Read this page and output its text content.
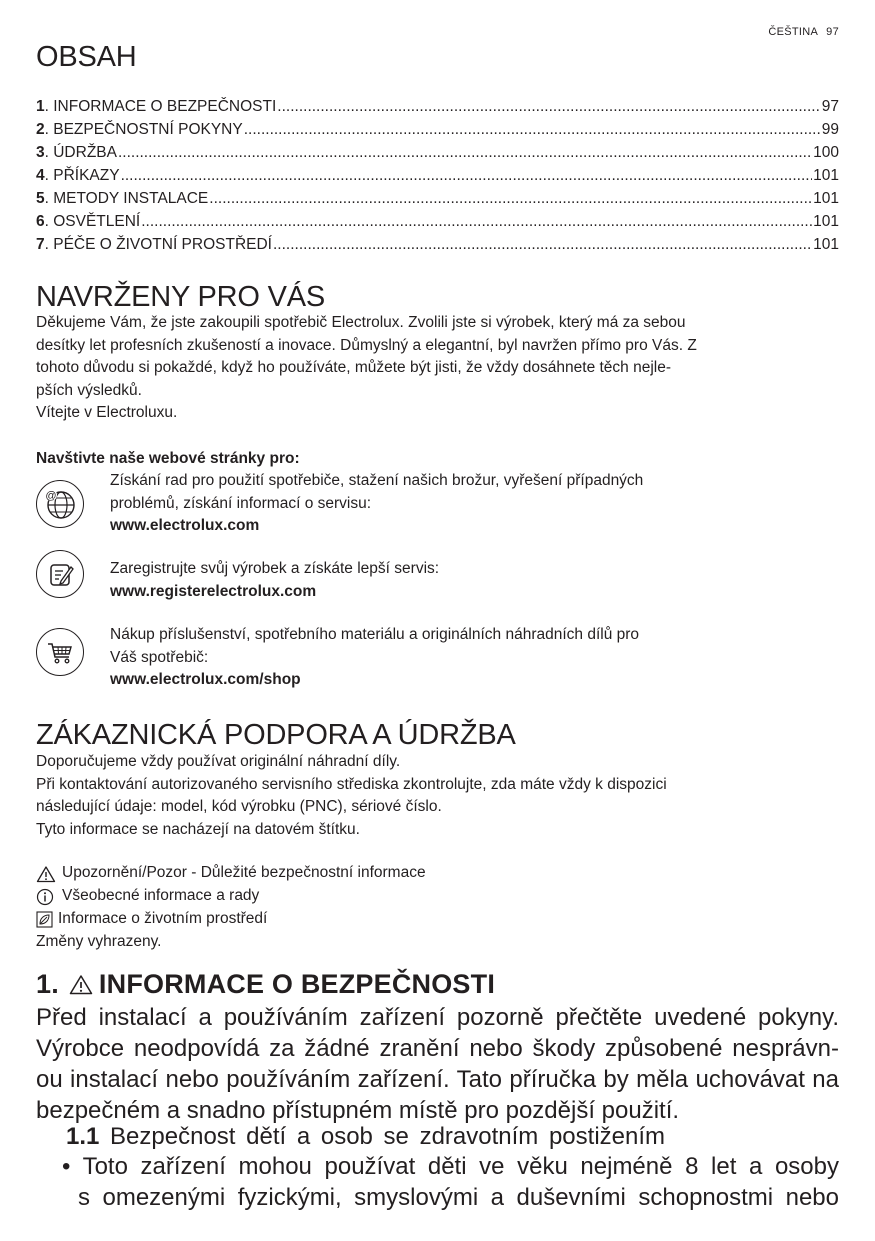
ČEŠTINA 97
OBSAH
1 . INFORMACE O BEZPEČNOSTI .....	97
2 . BEZPEČNOSTNÍ POKYNY .....	99
3 . ÚDRŽBA .....	100
4 . PŘÍKAZY .....	101
5 . METODY INSTALACE .....	101
6 . OSVĚTLENÍ .....	101
7 . PÉČE O ŽIVOTNÍ PROSTŘEDÍ .....	101
NAVRŽENY PRO VÁS
Děkujeme Vám, že jste zakoupili spotřebič Electrolux. Zvolili jste si výrobek, který má za sebou
desítky let profesních zkušeností a inovace. Důmyslný a elegantní, byl navržen přímo pro Vás. Z
tohoto důvodu si pokaždé, když ho používáte, můžete být jisti, že vždy dosáhnete těch nejle-
pších výsledků.
Vítejte v Electroluxu.
Navštivte naše webové stránky pro:
@
Získání rad pro použití spotřebiče, stažení našich brožur, vyřešení případných
problémů, získání informací o servisu:
www.electrolux.com
Zaregistrujte svůj výrobek a získáte lepší servis:
www.registerelectrolux.com
Nákup příslušenství, spotřebního materiálu a originálních náhradních dílů pro
Váš spotřebič:
www.electrolux.com/shop
ZÁKAZNICKÁ PODPORA A ÚDRŽBA
Doporučujeme vždy používat originální náhradní díly.
Při kontaktování autorizovaného servisního střediska zkontrolujte, zda máte vždy k dispozici
následující údaje: model, kód výrobku (PNC), sériové číslo.
Tyto informace se nacházejí na datovém štítku.
Upozornění/Pozor - Důležité bezpečnostní informace
Všeobecné informace a rady
Informace o životním prostředí
Změny vyhrazeny.
1. INFORMACE O BEZPEČNOSTI
Před instalací a používáním zařízení pozorně přečtěte uvedené pokyny. Výrobce neodpovídá za žádné zranění nebo škody způsobené nesprávn-ou instalací nebo používáním zařízení. Tato příručka by měla uchovávat na bezpečném a snadno přístupném místě pro pozdější použití.
1.1 Bezpečnost dětí a osob se zdravotním postižením
• Toto zařízení mohou používat děti ve věku nejméně 8 let a osoby
s omezenými fyzickými, smyslovými a duševními schopnostmi nebo
